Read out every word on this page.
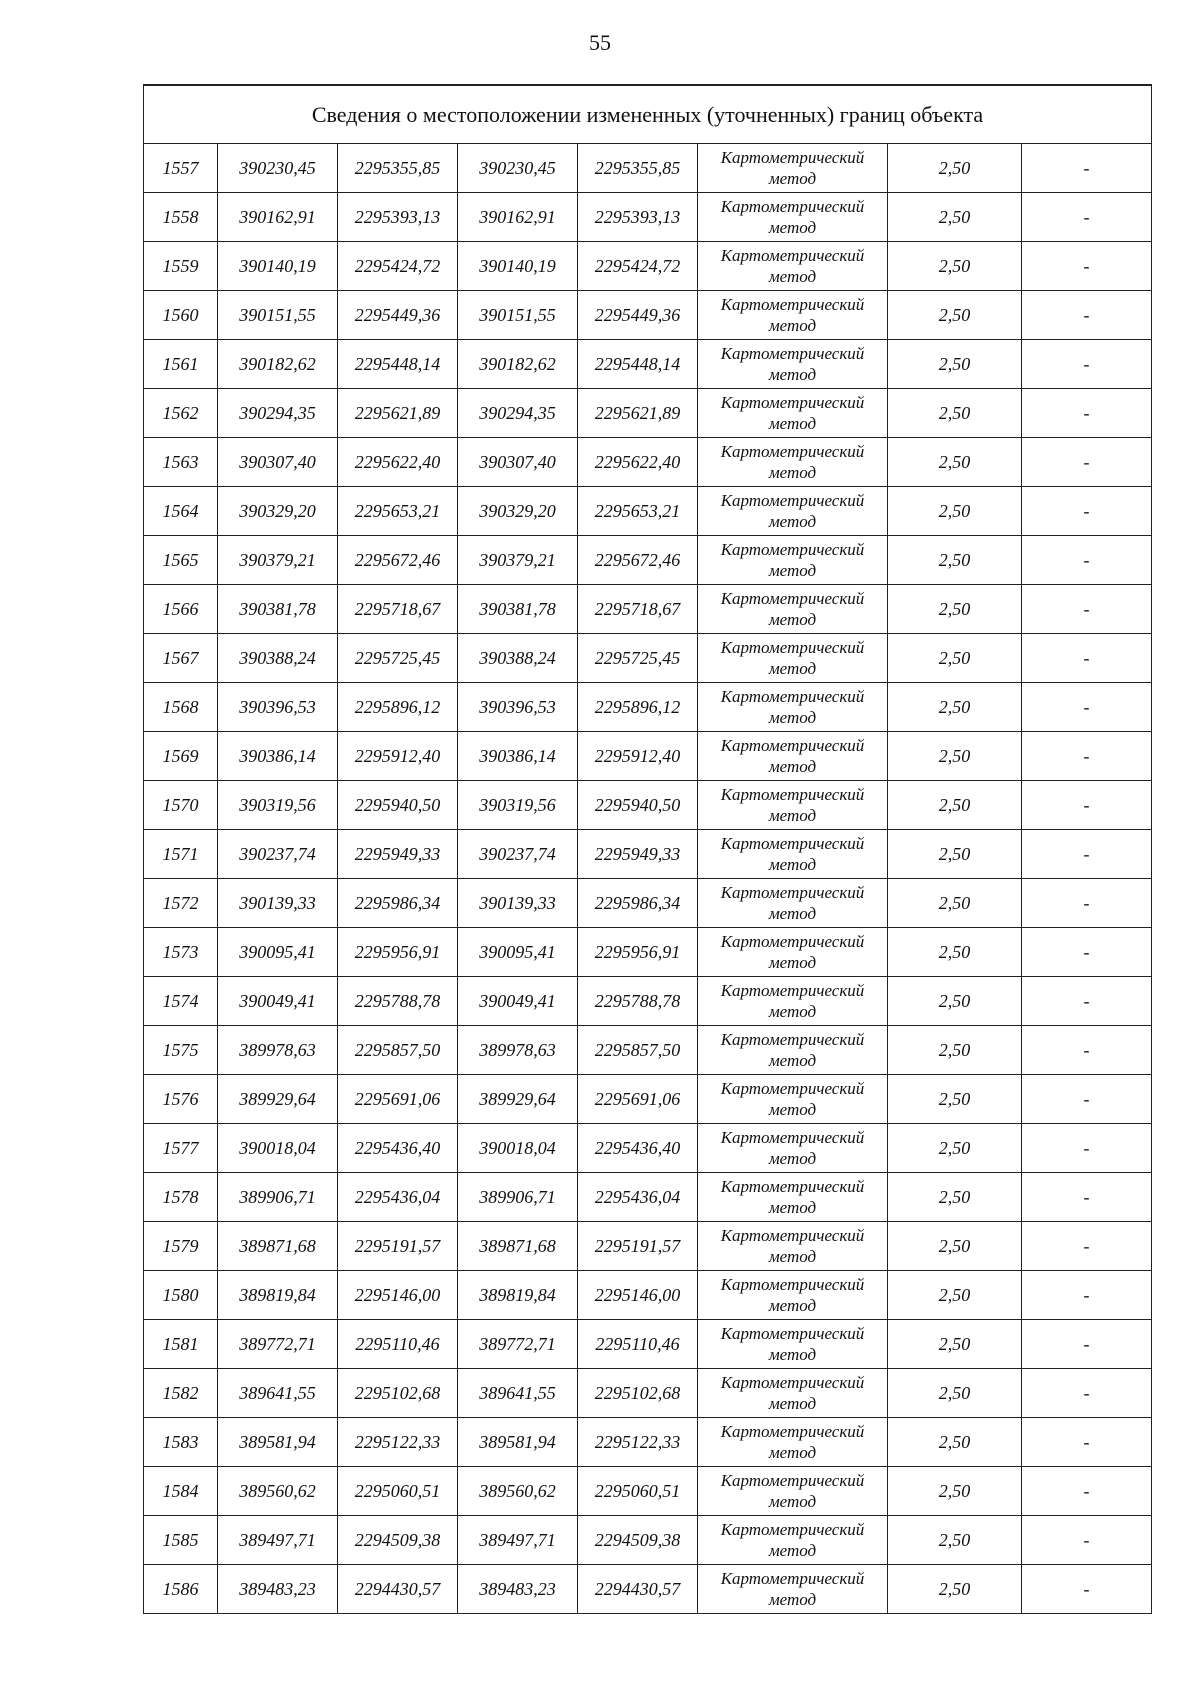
55
Сведения о местоположении измененных (уточненных) границ объекта							
1557	390230,45	2295355,85	390230,45	2295355,85	Картометрический
метод	2,50	-
1558	390162,91	2295393,13	390162,91	2295393,13	Картометрический
метод	2,50	-
1559	390140,19	2295424,72	390140,19	2295424,72	Картометрический
метод	2,50	-
1560	390151,55	2295449,36	390151,55	2295449,36	Картометрический
метод	2,50	-
1561	390182,62	2295448,14	390182,62	2295448,14	Картометрический
метод	2,50	-
1562	390294,35	2295621,89	390294,35	2295621,89	Картометрический
метод	2,50	-
1563	390307,40	2295622,40	390307,40	2295622,40	Картометрический
метод	2,50	-
1564	390329,20	2295653,21	390329,20	2295653,21	Картометрический
метод	2,50	-
1565	390379,21	2295672,46	390379,21	2295672,46	Картометрический
метод	2,50	-
1566	390381,78	2295718,67	390381,78	2295718,67	Картометрический
метод	2,50	-
1567	390388,24	2295725,45	390388,24	2295725,45	Картометрический
метод	2,50	-
1568	390396,53	2295896,12	390396,53	2295896,12	Картометрический
метод	2,50	-
1569	390386,14	2295912,40	390386,14	2295912,40	Картометрический
метод	2,50	-
1570	390319,56	2295940,50	390319,56	2295940,50	Картометрический
метод	2,50	-
1571	390237,74	2295949,33	390237,74	2295949,33	Картометрический
метод	2,50	-
1572	390139,33	2295986,34	390139,33	2295986,34	Картометрический
метод	2,50	-
1573	390095,41	2295956,91	390095,41	2295956,91	Картометрический
метод	2,50	-
1574	390049,41	2295788,78	390049,41	2295788,78	Картометрический
метод	2,50	-
1575	389978,63	2295857,50	389978,63	2295857,50	Картометрический
метод	2,50	-
1576	389929,64	2295691,06	389929,64	2295691,06	Картометрический
метод	2,50	-
1577	390018,04	2295436,40	390018,04	2295436,40	Картометрический
метод	2,50	-
1578	389906,71	2295436,04	389906,71	2295436,04	Картометрический
метод	2,50	-
1579	389871,68	2295191,57	389871,68	2295191,57	Картометрический
метод	2,50	-
1580	389819,84	2295146,00	389819,84	2295146,00	Картометрический
метод	2,50	-
1581	389772,71	2295110,46	389772,71	2295110,46	Картометрический
метод	2,50	-
1582	389641,55	2295102,68	389641,55	2295102,68	Картометрический
метод	2,50	-
1583	389581,94	2295122,33	389581,94	2295122,33	Картометрический
метод	2,50	-
1584	389560,62	2295060,51	389560,62	2295060,51	Картометрический
метод	2,50	-
1585	389497,71	2294509,38	389497,71	2294509,38	Картометрический
метод	2,50	-
1586	389483,23	2294430,57	389483,23	2294430,57	Картометрический
метод	2,50	-
